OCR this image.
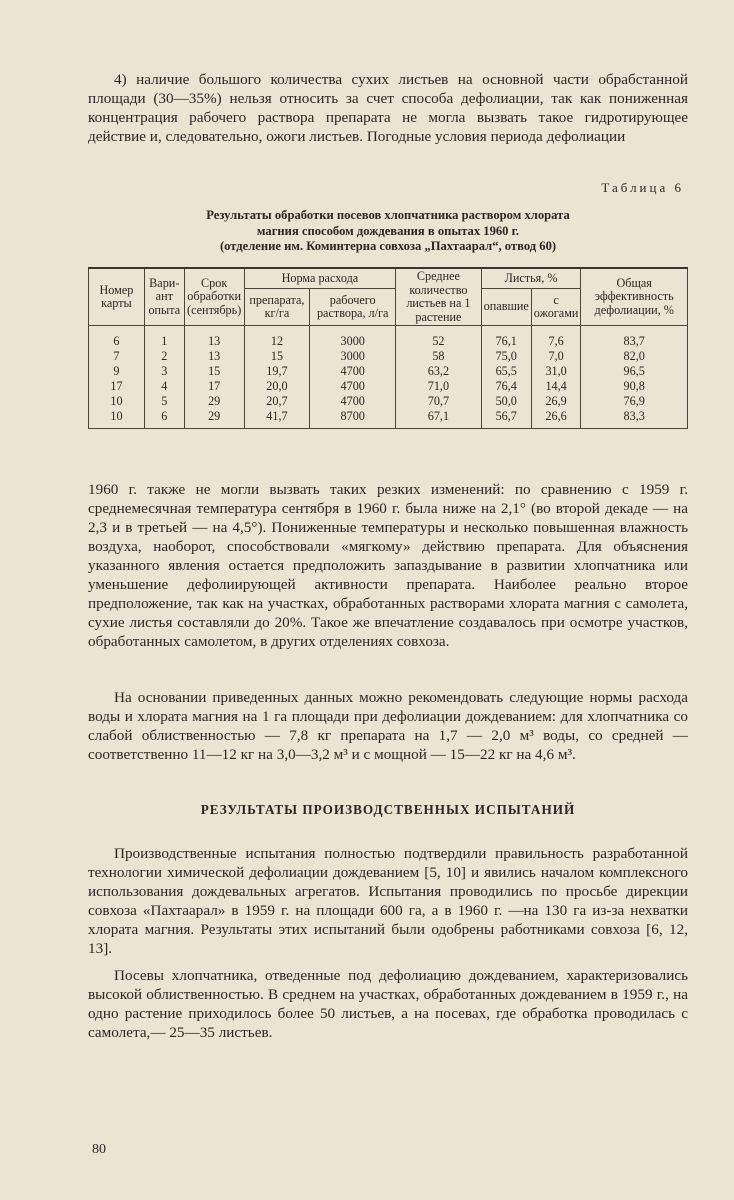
4) наличие большого количества сухих листьев на основной части обрабстанной площади (30—35%) нельзя относить за счет способа дефолиации, так как пониженная концентрация рабочего раствора препарата не могла вызвать такое гидротирующее действие и, следовательно, ожоги листьев. Погодные условия периода дефолиации

Таблица 6

Результаты обработки посевов хлопчатника раствором хлората
магния способом дождевания в опытах 1960 г.
(отделение им. Коминтерна совхоза „Пахтаарал“, отвод 60)
Номер карты	Вари-ант опыта	Срок обработки (сентябрь)	Норма расхода		Среднее количество листьев на 1 растение	Листья, %		Общая эффективность дефолиации, %
			препарата, кг/га	рабочего раствора, л/га		опавшие	с ожогами	
6	1	13	12	3000	52	76,1	7,6	83,7
7	2	13	15	3000	58	75,0	7,0	82,0
9	3	15	19,7	4700	63,2	65,5	31,0	96,5
17	4	17	20,0	4700	71,0	76,4	14,4	90,8
10	5	29	20,7	4700	70,7	50,0	26,9	76,9
10	6	29	41,7	8700	67,1	56,7	26,6	83,3

1960 г. также не могли вызвать таких резких изменений: по сравнению с 1959 г. среднемесячная температура сентября в 1960 г. была ниже на 2,1° (во второй декаде — на 2,3 и в третьей — на 4,5°). Пониженные температуры и несколько повышенная влажность воздуха, наоборот, способствовали «мягкому» действию препарата. Для объяснения указанного явления остается предположить запаздывание в развитии хлопчатника или уменьшение дефолиирующей активности препарата. Наиболее реально второе предположение, так как на участках, обработанных растворами хлората магния с самолета, сухие листья составляли до 20%. Такое же впечатление создавалось при осмотре участков, обработанных самолетом, в других отделениях совхоза.

На основании приведенных данных можно рекомендовать следующие нормы расхода воды и хлората магния на 1 га площади при дефолиации дождеванием: для хлопчатника со слабой облиственностью — 7,8 кг препарата на 1,7 — 2,0 м³ воды, со средней — соответственно 11—12 кг на 3,0—3,2 м³ и с мощной — 15—22 кг на 4,6 м³.

РЕЗУЛЬТАТЫ ПРОИЗВОДСТВЕННЫХ ИСПЫТАНИЙ

Производственные испытания полностью подтвердили правильность разработанной технологии химической дефолиации дождеванием [5, 10] и явились началом комплексного использования дождевальных агрегатов. Испытания проводились по просьбе дирекции совхоза «Пахтаарал» в 1959 г. на площади 600 га, а в 1960 г. —на 130 га из-за нехватки хлората магния. Результаты этих испытаний были одобрены работниками совхоза [6, 12, 13].

Посевы хлопчатника, отведенные под дефолиацию дождеванием, характеризовались высокой облиственностью. В среднем на участках, обработанных дождеванием в 1959 г., на одно растение приходилось более 50 листьев, а на посевах, где обработка проводилась с самолета,— 25—35 листьев.

80
